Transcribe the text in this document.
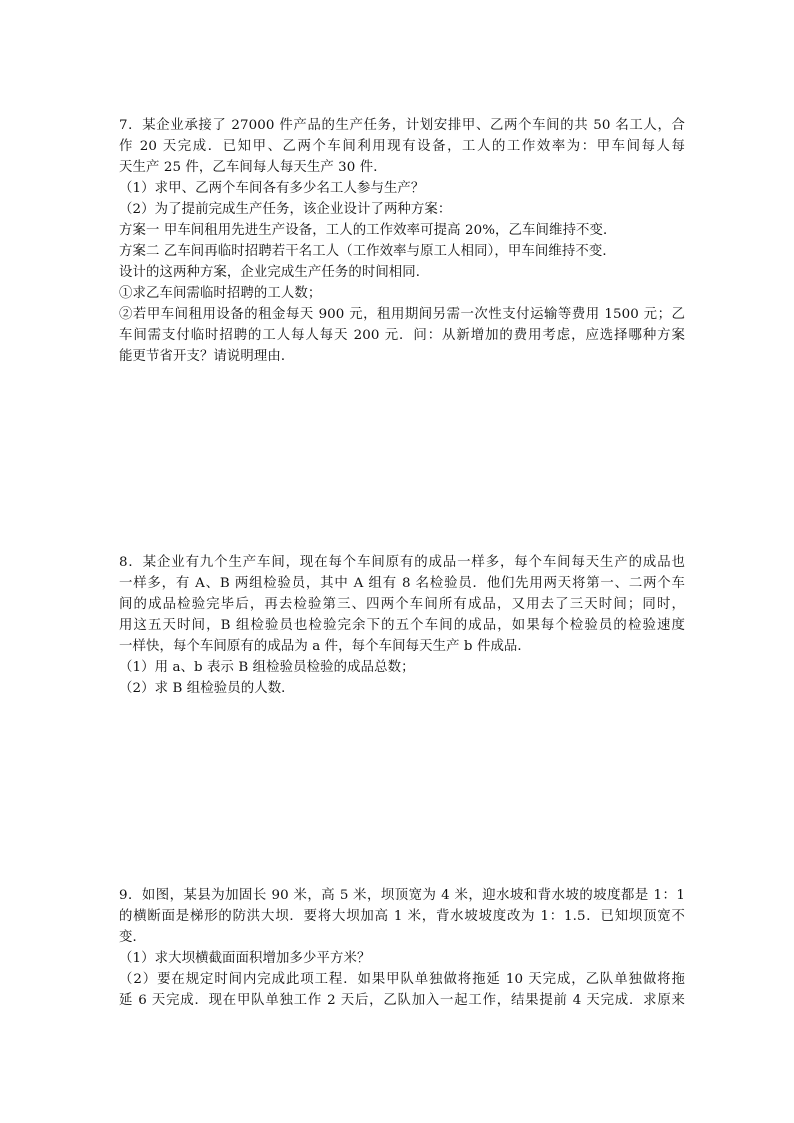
7．某企业承接了 27000 件产品的生产任务，计划安排甲、乙两个车间的共 50 名工人，合
作 20 天完成．已知甲、乙两个车间利用现有设备，工人的工作效率为：甲车间每人每
天生产 25 件，乙车间每人每天生产 30 件．
（1）求甲、乙两个车间各有多少名工人参与生产？
（2）为了提前完成生产任务，该企业设计了两种方案：
方案一 甲车间租用先进生产设备，工人的工作效率可提高 20%，乙车间维持不变．
方案二 乙车间再临时招聘若干名工人（工作效率与原工人相同），甲车间维持不变．
设计的这两种方案，企业完成生产任务的时间相同．
①求乙车间需临时招聘的工人数；
②若甲车间租用设备的租金每天 900 元，租用期间另需一次性支付运输等费用 1500 元；乙
车间需支付临时招聘的工人每人每天 200 元．问：从新增加的费用考虑，应选择哪种方案
能更节省开支？请说明理由．
8．某企业有九个生产车间，现在每个车间原有的成品一样多，每个车间每天生产的成品也
一样多，有 A、B 两组检验员，其中 A 组有 8 名检验员．他们先用两天将第一、二两个车
间的成品检验完毕后，再去检验第三、四两个车间所有成品，又用去了三天时间；同时，
用这五天时间，B 组检验员也检验完余下的五个车间的成品，如果每个检验员的检验速度
一样快，每个车间原有的成品为 a 件，每个车间每天生产 b 件成品．
（1）用 a、b 表示 B 组检验员检验的成品总数；
（2）求 B 组检验员的人数．
9．如图，某县为加固长 90 米，高 5 米，坝顶宽为 4 米，迎水坡和背水坡的坡度都是 1：1
的横断面是梯形的防洪大坝．要将大坝加高 1 米，背水坡坡度改为 1：1.5．已知坝顶宽不
变．
（1）求大坝横截面面积增加多少平方米？
（2）要在规定时间内完成此项工程．如果甲队单独做将拖延 10 天完成，乙队单独做将拖
延 6 天完成．现在甲队单独工作 2 天后，乙队加入一起工作，结果提前 4 天完成．求原来
